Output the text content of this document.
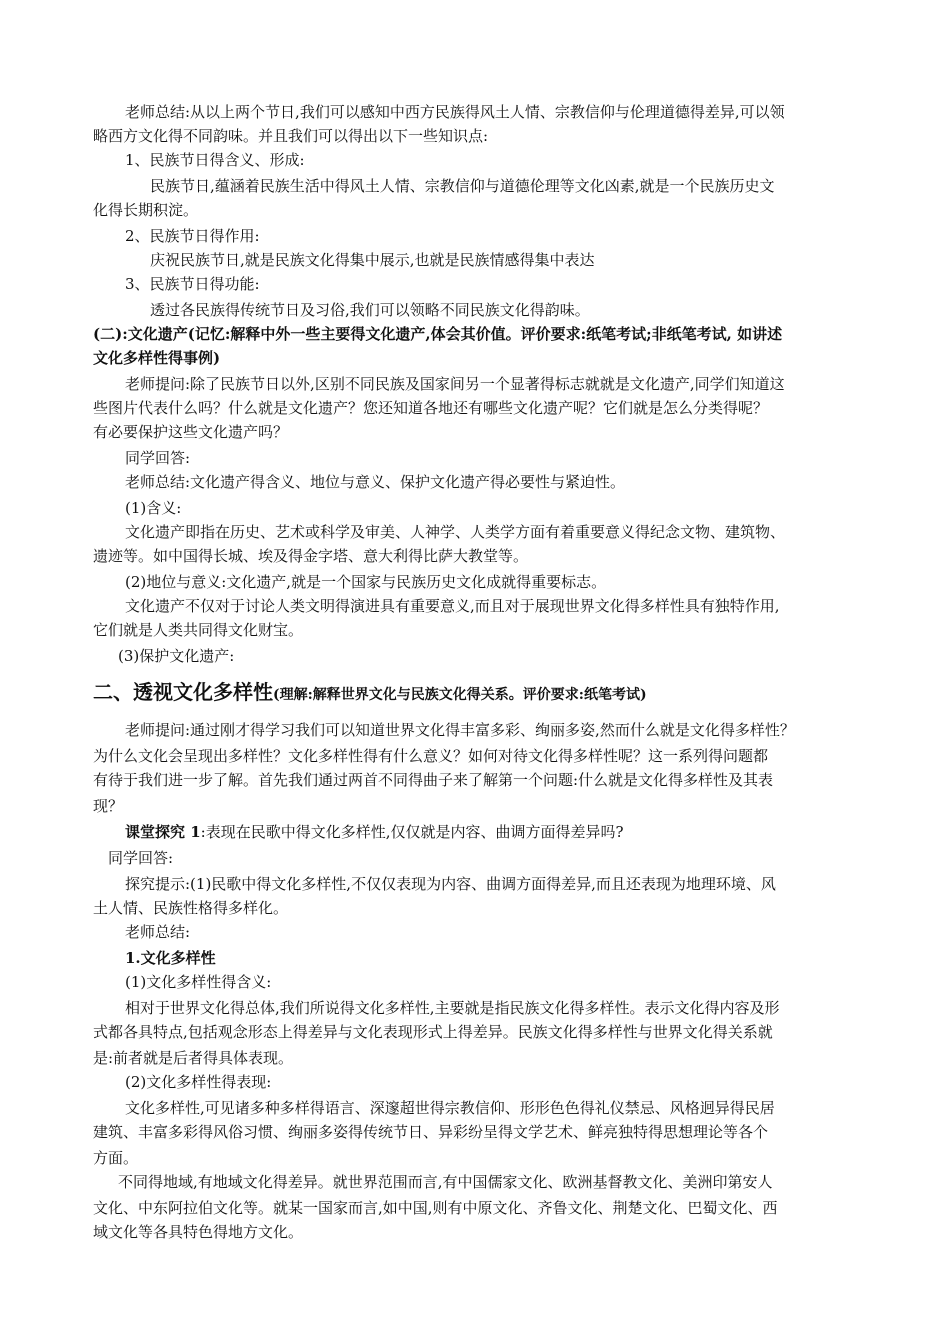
老师总结:从以上两个节日,我们可以感知中西方民族得风土人情、宗教信仰与伦理道德得差异,可以领
略西方文化得不同韵味。并且我们可以得出以下一些知识点:
1、民族节日得含义、形成:
民族节日,蕴涵着民族生活中得风土人情、宗教信仰与道德伦理等文化凶素,就是一个民族历史文
化得长期积淀。
2、民族节日得作用:
庆祝民族节日,就是民族文化得集中展示,也就是民族情感得集中表达
3、民族节日得功能:
透过各民族得传统节日及习俗,我们可以领略不同民族文化得韵味。
(二):文化遗产(记忆:解释中外一些主要得文化遗产,体会其价值。评价要求:纸笔考试;非纸笔考试, 如讲述
文化多样性得事例)
老师提问:除了民族节日以外,区别不同民族及国家间另一个显著得标志就就是文化遗产,同学们知道这
些图片代表什么吗？什么就是文化遗产？您还知道各地还有哪些文化遗产呢？它们就是怎么分类得呢？
有必要保护这些文化遗产吗？
同学回答:
老师总结:文化遗产得含义、地位与意义、保护文化遗产得必要性与紧迫性。
(1)含义:
文化遗产即指在历史、艺术或科学及审美、人神学、人类学方面有着重要意义得纪念文物、建筑物、
遗迹等。如中国得长城、埃及得金字塔、意大利得比萨大教堂等。
(2)地位与意义:文化遗产,就是一个国家与民族历史文化成就得重要标志。
文化遗产不仅对于讨论人类文明得演进具有重要意义,而且对于展现世界文化得多样性具有独特作用,
它们就是人类共同得文化财宝。
(3)保护文化遗产:
二、透视文化多样性(理解:解释世界文化与民族文化得关系。评价要求:纸笔考试)
老师提问:通过刚才得学习我们可以知道世界文化得丰富多彩、绚丽多姿,然而什么就是文化得多样性？
为什么文化会呈现出多样性？文化多样性得有什么意义？如何对待文化得多样性呢？这一系列得问题都
有待于我们进一步了解。首先我们通过两首不同得曲子来了解第一个问题:什么就是文化得多样性及其表
现？
课堂探究 1:表现在民歌中得文化多样性,仅仅就是内容、曲调方面得差异吗?
同学回答:
探究提示:(1)民歌中得文化多样性,不仅仅表现为内容、曲调方面得差异,而且还表现为地理环境、风
土人情、民族性格得多样化。
老师总结:
1.文化多样性
(1)文化多样性得含义:
相对于世界文化得总体,我们所说得文化多样性,主要就是指民族文化得多样性。表示文化得内容及形
式都各具特点,包括观念形态上得差异与文化表现形式上得差异。民族文化得多样性与世界文化得关系就
是:前者就是后者得具体表现。
(2)文化多样性得表现:
文化多样性,可见诸多种多样得语言、深邃超世得宗教信仰、形形色色得礼仪禁忌、风格迥异得民居
建筑、丰富多彩得风俗习惯、绚丽多姿得传统节日、异彩纷呈得文学艺术、鲜亮独特得思想理论等各个
方面。
不同得地域,有地域文化得差异。就世界范围而言,有中国儒家文化、欧洲基督教文化、美洲印第安人
文化、中东阿拉伯文化等。就某一国家而言,如中国,则有中原文化、齐鲁文化、荆楚文化、巴蜀文化、西
域文化等各具特色得地方文化。
